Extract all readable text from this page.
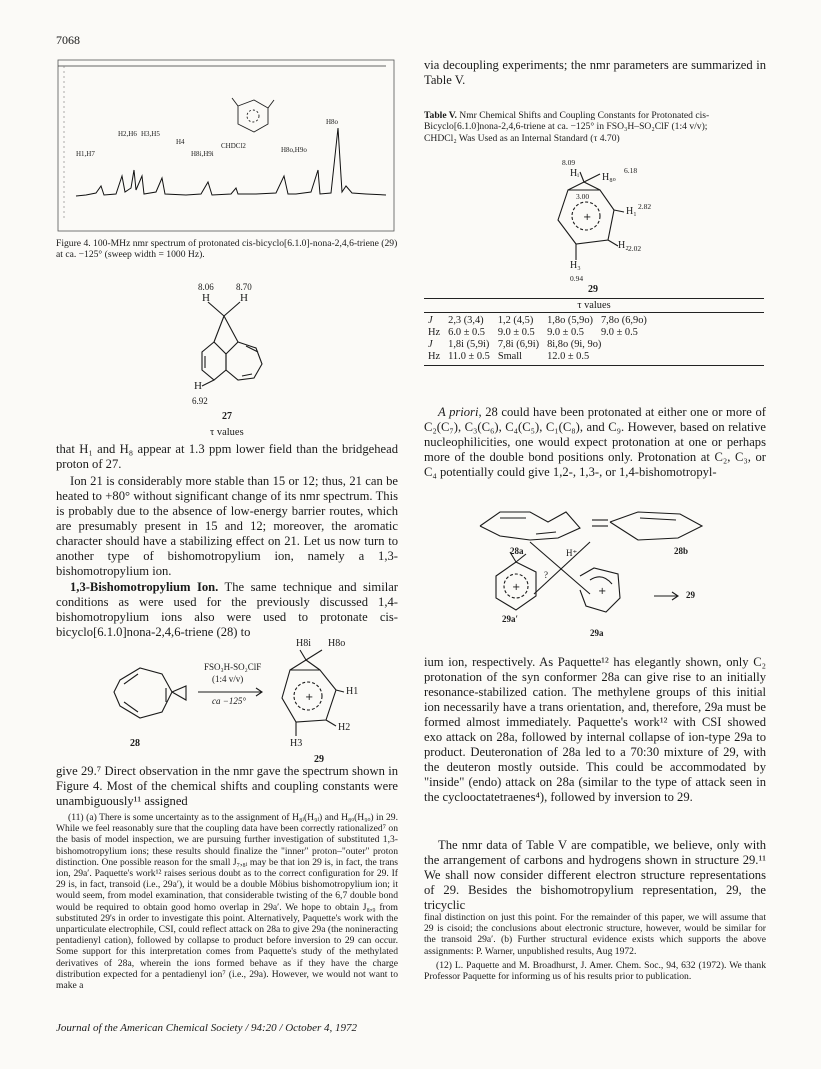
7068
H1,H7
H2,H6 H3,H5
H4
H8i,H9i
CHDCl2	H8o,H9o
H8o
Figure 4. 100-MHz nmr spectrum of protonated cis-bicyclo[6.1.0]-nona-2,4,6-triene (29) at ca. −125° (sweep width = 1000 Hz).
8.06 8.70
H	H
H
6.92
27
τ values
that H₁ and H₈ appear at 1.3 ppm lower field than the bridgehead proton of 27.
Ion 21 is considerably more stable than 15 or 12; thus, 21 can be heated to +80° without significant change of its nmr spectrum. This is probably due to the absence of low-energy barrier routes, which are presumably present in 15 and 12; moreover, the aromatic character should have a stabilizing effect on 21. Let us now turn to another type of bishomotropylium ion, namely a 1,3-bishomotropylium ion.
1,3-Bishomotropylium Ion. The same technique and similar conditions as were used for the previously discussed 1,4-bishomotropylium ions also were used to protonate cis-bicyclo[6.1.0]nona-2,4,6-triene (28) to
+
FSO₃H-SO₂ClF
(1:4 v/v)
ca −125°
H8i H8o
H1
H2
H3
28
29
give 29.⁷ Direct observation in the nmr gave the spectrum shown in Figure 4. Most of the chemical shifts and coupling constants were unambiguously¹¹ assigned
(11) (a) There is some uncertainty as to the assignment of H₈ᵢ(H₉ᵢ) and H₈ₒ(H₉ₒ) in 29. While we feel reasonably sure that the coupling data have been correctly rationalized⁷ on the basis of model inspection, we are pursuing further investigation of substituted 1,3-bishomotropylium ions; these results should finalize the "inner" proton–"outer" proton distinction. One possible reason for the small J₇,₈ᵢ may be that ion 29 is, in fact, the trans ion, 29a′. Paquette's work¹² raises serious doubt as to the correct configuration for 29. If 29 is, in fact, transoid (i.e., 29a′), it would be a double Möbius bishomotropylium ion; it would seem, from model examination, that considerable twisting of the 6,7 double bond would be required to obtain good homo overlap in 29a′. We hope to obtain J₈,₉ from substituted 29's in order to investigate this point. Alternatively, Paquette's work with the unparticulate electrophile, CSI, could reflect attack on 28a to give 29a (the nonineracting pentadienyl cation), followed by collapse to product before inversion to 29 can occur. Some support for this interpretation comes from Paquette's study of the methylated derivatives of 28a, wherein the ions formed behave as if they have the charge distribution expected for a pentadienyl ion⁷ (i.e., 29a). However, we would not want to make a
Journal of the American Chemical Society / 94:20 / October 4, 1972
via decoupling experiments; the nmr parameters are summarized in Table V.
Table V. Nmr Chemical Shifts and Coupling Constants for Protonated cis-Bicyclo[6.1.0]nona-2,4,6-triene at ca. −125° in FSO₃H–SO₂ClF (1:4 v/v); CHDCl₂ Was Used as an Internal Standard (τ 4.70)
+
8.09
6.18
Hᵢ H₈ₒ
3.00
H₁ 2.82
H₂ 2.02
H₃
0.94
29
τ values
J	2,3 (3,4)	1,2 (4,5)	1,8o (5,9o)	7,8o (6,9o)
Hz	6.0 ± 0.5	9.0 ± 0.5	9.0 ± 0.5	9.0 ± 0.5
J	1,8i (5,9i)	7,8i (6,9i)	8i,8o (9i, 9o)	
Hz	11.0 ± 0.5	Small	12.0 ± 0.5	
A priori, 28 could have been protonated at either one or more of C₂(C₇), C₃(C₆), C₄(C₅), C₁(C₈), and C₉. However, based on relative nucleophilicities, one would expect protonation at one or perhaps more of the double bond positions only. Protonation at C₂, C₃, or C₄ potentially could give 1,2-, 1,3-, or 1,4-bishomotropyl-
+	+
28a	28b
H⁺
?
29a′
29a
29
ium ion, respectively. As Paquette¹² has elegantly shown, only C₂ protonation of the syn conformer 28a can give rise to an initially resonance-stabilized cation. The methylene groups of this initial ion necessarily have a trans orientation, and, therefore, 29a must be formed almost immediately. Paquette's work¹² with CSI showed exo attack on 28a, followed by internal collapse of ion-type 29a to product. Deuteronation of 28a led to a 70:30 mixture of 29, with the deuteron mostly outside. This could be accommodated by "inside" (endo) attack on 28a (similar to the type of attack seen in the cyclooctatetraenes⁴), followed by inversion to 29.
The nmr data of Table V are compatible, we believe, only with the arrangement of carbons and hydrogens shown in structure 29.¹¹ We shall now consider different electron structure representations of 29. Besides the bishomotropylium representation, 29, the tricyclic
final distinction on just this point. For the remainder of this paper, we will assume that 29 is cisoid; the conclusions about electronic structure, however, would be similar for the transoid 29a′. (b) Further structural evidence exists which supports the above assignments: P. Warner, unpublished results, Aug 1972.
(12) L. Paquette and M. Broadhurst, J. Amer. Chem. Soc., 94, 632 (1972). We thank Professor Paquette for informing us of his results prior to publication.
